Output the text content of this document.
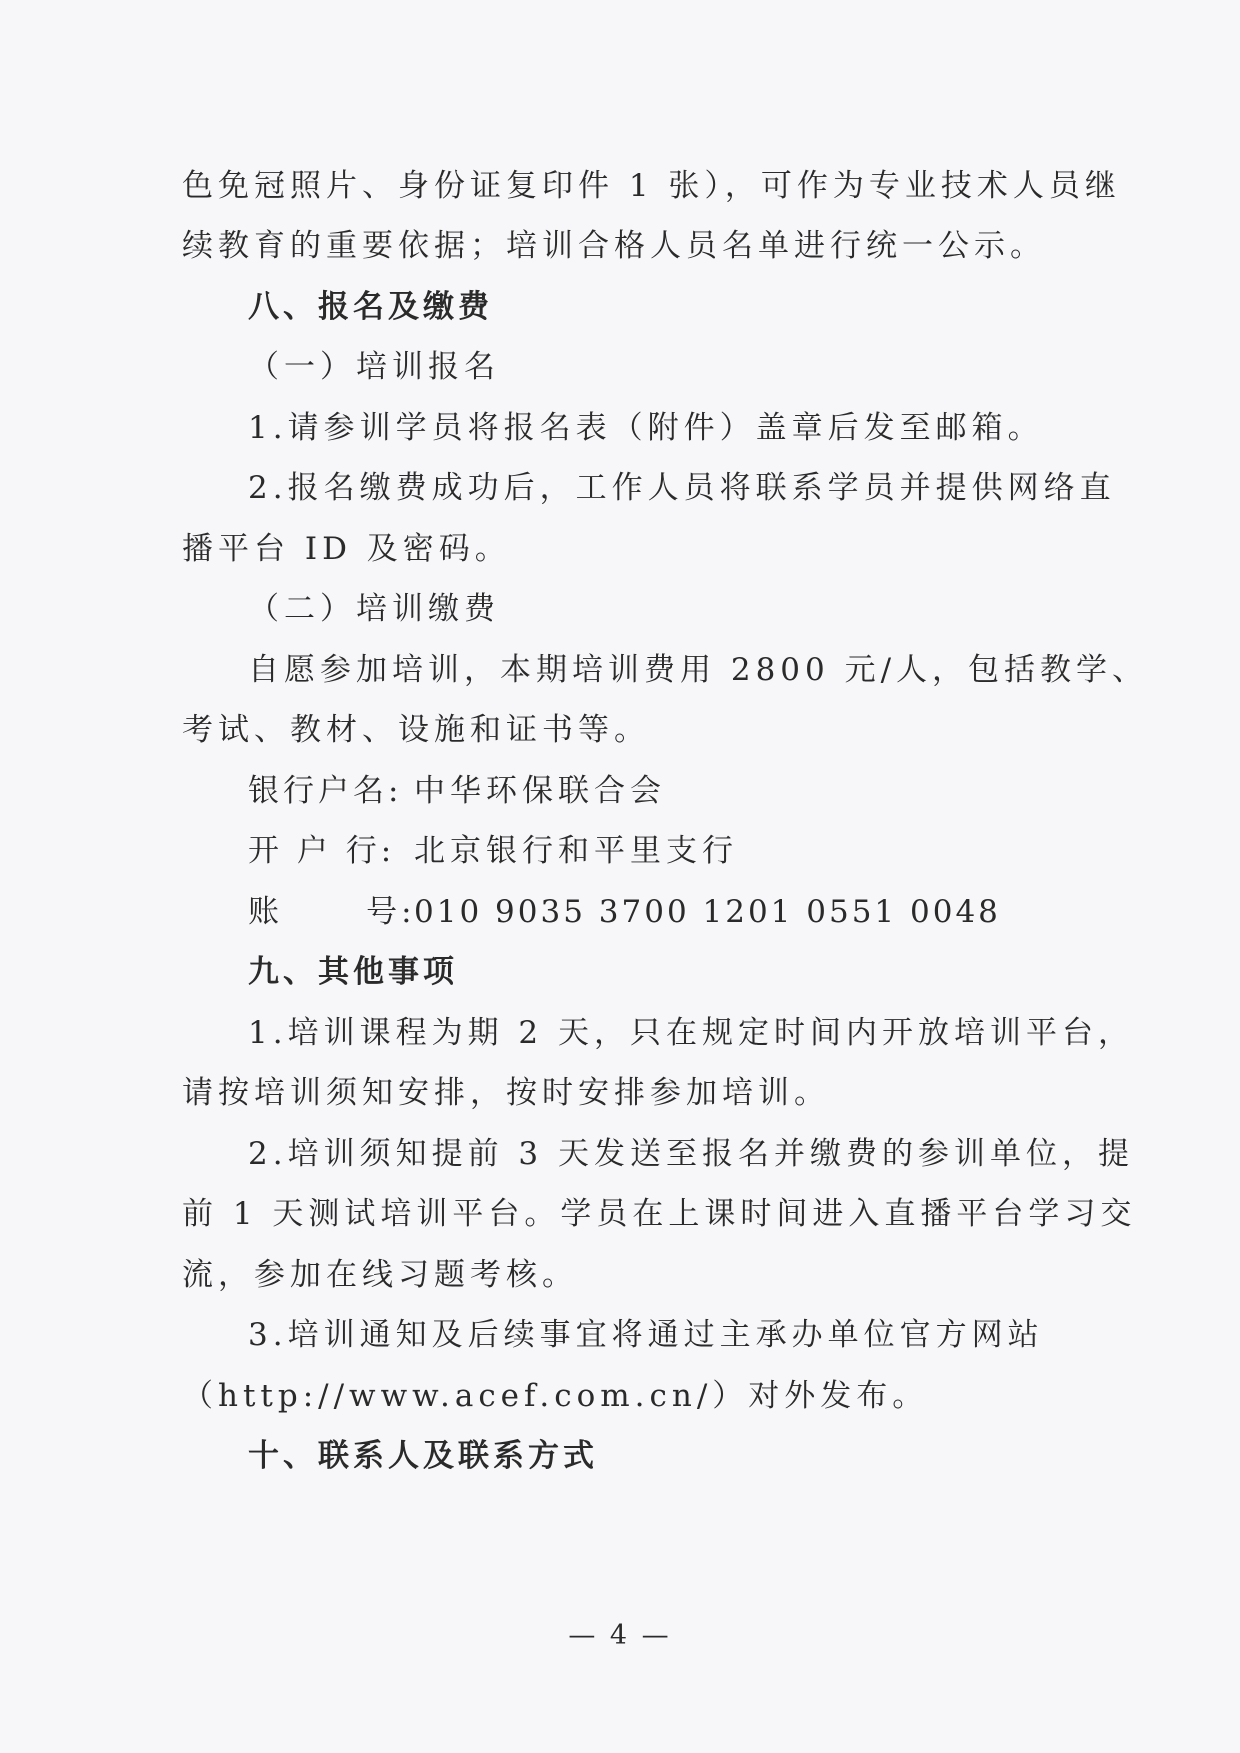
色免冠照片、身份证复印件 1 张），可作为专业技术人员继
续教育的重要依据；培训合格人员名单进行统一公示。
八、报名及缴费
（一）培训报名
1.请参训学员将报名表（附件）盖章后发至邮箱。
2.报名缴费成功后，工作人员将联系学员并提供网络直
播平台 ID 及密码。
（二）培训缴费
自愿参加培训，本期培训费用 2800 元/人，包括教学、
考试、教材、设施和证书等。
银行户名: 中华环保联合会
开 户 行: 北京银行和平里支行
账      号:010 9035 3700 1201 0551 0048
九、其他事项
1.培训课程为期 2 天，只在规定时间内开放培训平台，
请按培训须知安排，按时安排参加培训。
2.培训须知提前 3 天发送至报名并缴费的参训单位，提
前 1 天测试培训平台。学员在上课时间进入直播平台学习交
流，参加在线习题考核。
3.培训通知及后续事宜将通过主承办单位官方网站
（http://www.acef.com.cn/）对外发布。
十、联系人及联系方式
— 4 —
